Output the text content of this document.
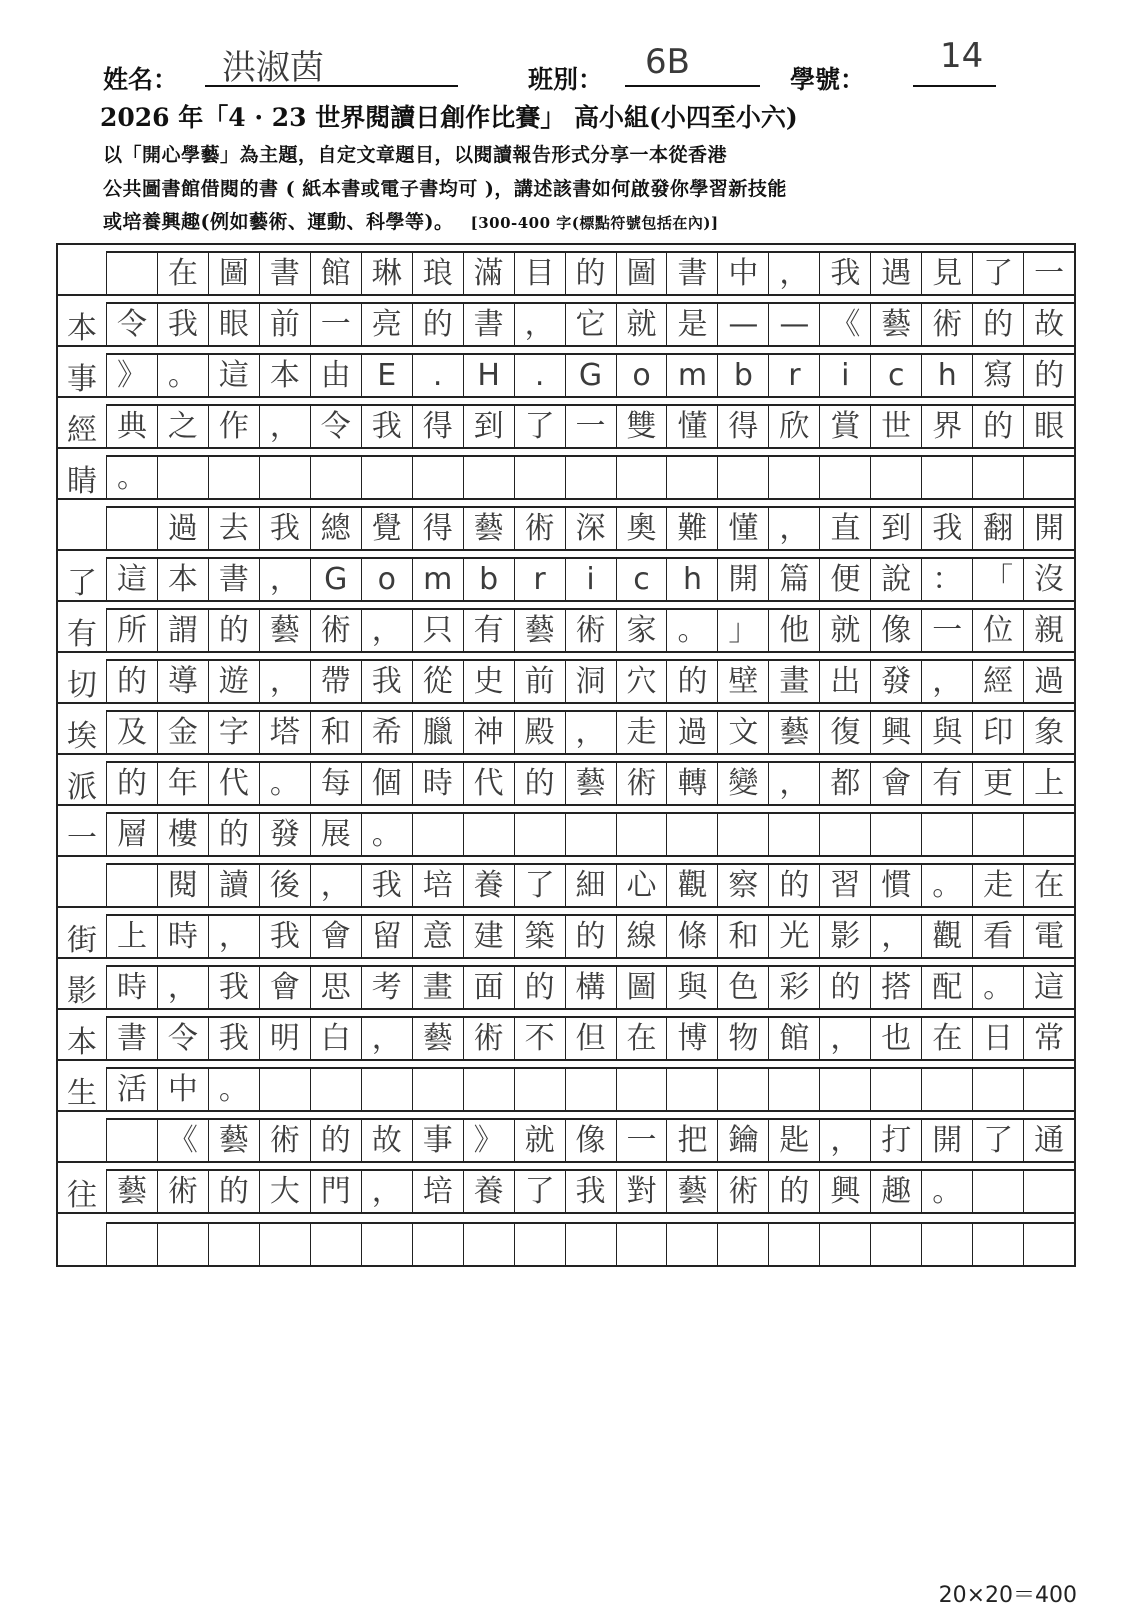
姓名： 洪淑茵	班別： 6B	學號：
14
2026 年「4 · 23 世界閱讀日創作比賽」 高小組(小四至小六)
以「開心學藝」為主題，自定文章題目，以閱讀報告形式分享一本從香港
公共圖書館借閱的書 ( 紙本書或電子書均可 )，講述該書如何啟發你學習新技能
或培養興趣(例如藝術、運動、科學等)。 [300-400 字(標點符號包括在內)]
在 圖 書 館 琳 琅 滿 目 的 圖 書 中 ， 我 遇 見 了 一
本 令 我 眼 前 一 亮 的 書 ， 它 就 是 — — 《 藝 術 的 故
事 》 。 這 本 由 E	.	H	.	G	o m b	r	i	c	h 寫 的
經 典 之 作 ， 令 我 得 到 了 一 雙 懂 得 欣 賞 世 界 的 眼
睛 。
過 去 我 總 覺 得 藝 術 深 奧 難 懂 ， 直 到 我 翻 開
了 這 本 書 ， G	o m b	r	i	c	h 開 篇 便 說 ： 「 沒
有 所 謂 的 藝 術 ， 只 有 藝 術 家 。 」 他 就 像 一 位 親
切 的 導 遊 ， 帶 我 從 史 前 洞 穴 的 壁 畫 出 發 ， 經 過
埃 及 金 字 塔 和 希 臘 神 殿 ， 走 過 文 藝 復 興 與 印 象
派 的 年 代 。 每 個 時 代 的 藝 術 轉 變 ， 都 會 有 更 上
一 層 樓 的 發 展 。
閱 讀 後 ， 我 培 養 了 細 心 觀 察 的 習 慣 。 走 在
街 上 時 ， 我 會 留 意 建 築 的 線 條 和 光 影 ， 觀 看 電
影 時 ， 我 會 思 考 畫 面 的 構 圖 與 色 彩 的 搭 配 。 這
本 書 令 我 明 白 ， 藝 術 不 但 在 博 物 館 ， 也 在 日 常
生 活 中 。
《 藝 術 的 故 事 》 就 像 一 把 鑰 匙 ， 打 開 了 通
往 藝 術 的 大 門 ， 培 養 了 我 對 藝 術 的 興 趣 。
20×20＝400
